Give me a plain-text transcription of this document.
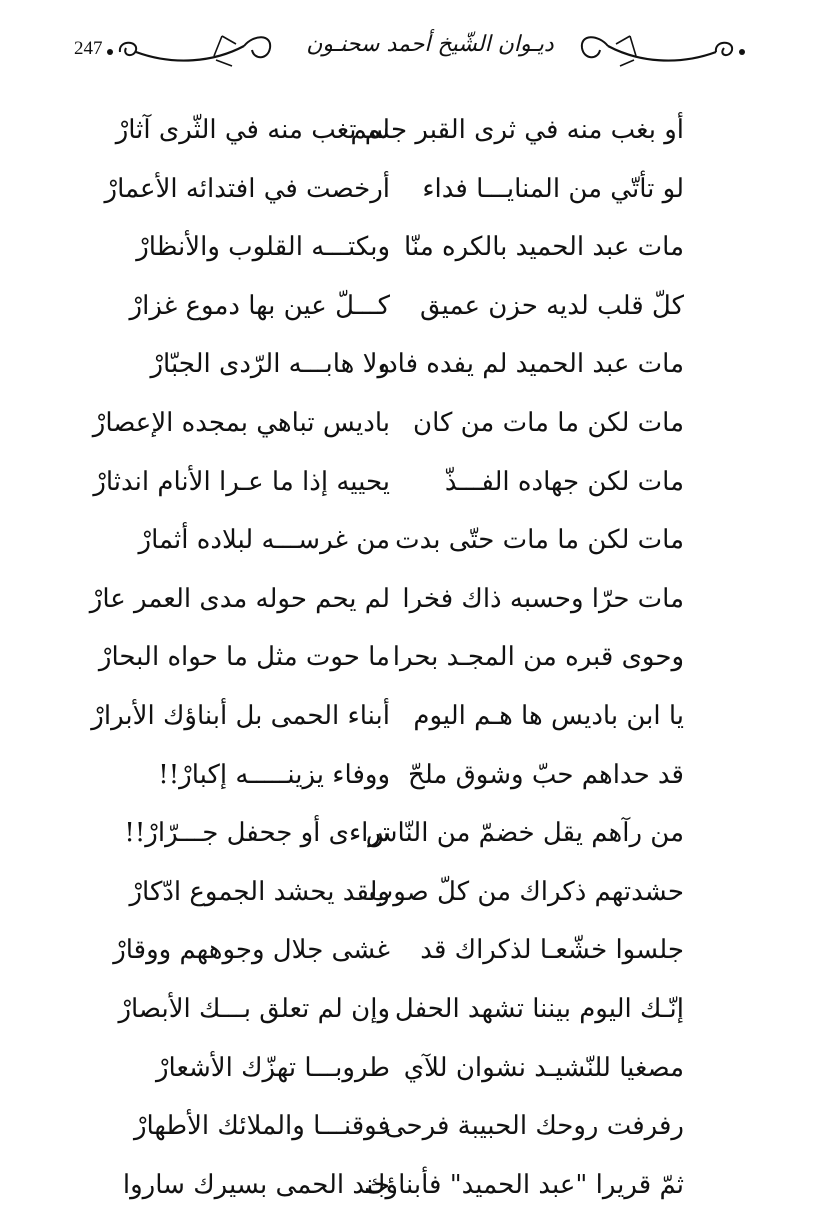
247	ديـوان الشّيخ أحمد سحنـون
أو بغب منه في ثرى القبر جسم
لم تغب منه في الثّرى آثارْ
لو تأتّي من المنايـــا فداء
أرخصت في افتدائه الأعمارْ
مات عبد الحميد بالكره منّا
وبكتـــه القلوب والأنظارْ
كلّ قلب لديه حزن عميق
كـــلّ عين بها دموع غزارْ
مات عبد الحميد لم يفده فاد،
ولا هابـــه الرّدى الجبّارْ
مات لكن ما مات من كان
باديس تباهي بمجده الإعصارْ
مات لكن جهاده الفـــذّ
يحييه إذا ما عـرا الأنام اندثارْ
مات لكن ما مات حتّى بدت
من غرســـه لبلاده أثمارْ
مات حرّا وحسبه ذاك فخرا
لم يحم حوله مدى العمر عارْ
وحوى قبره من المجـد بحرا
ما حوت مثل ما حواه البحارْ
يا ابن باديس ها هـم اليوم
أبناء الحمى بل أبناؤك الأبرارْ
قد حداهم حبّ وشوق ملحّ
ووفاء يزينـــــه إكبارْ!!
من رآهم يقل خضمّ من النّاس
تراءى أو جحفل جـــرّارْ!!
حشدتهم ذكراك من كلّ صوب
ولقد يحشد الجموع ادّكارْ
جلسوا خشّعـا لذكراك قد
غشى جلال وجوههم ووقارْ
إنّـك اليوم بيننا تشهد الحفل
وإن لم تعلق بـــك الأبصارْ
مصغيا للنّشيـد نشوان للآي
طروبـــا تهزّك الأشعارْ
رفرفت روحك الحبيبة فرحى
فوقنـــا والملائك الأطهارْ
ثمّ قريرا "عبد الحميد" فأبناؤك
جند الحمى بسيرك ساروا
